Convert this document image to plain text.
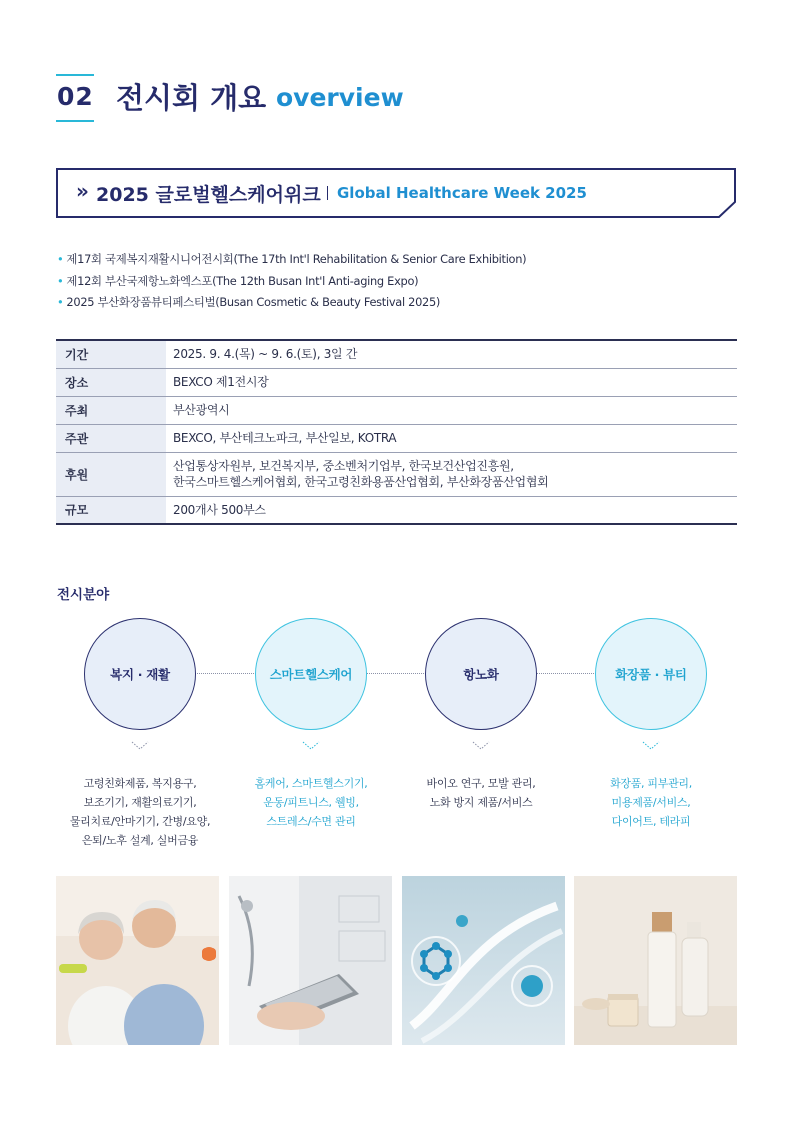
02 전시회 개요 overview
» 2025 글로벌헬스케어위크 Global Healthcare Week 2025
• 제17회 국제복지재활시니어전시회(The 17th Int'l Rehabilitation & Senior Care Exhibition)
• 제12회 부산국제항노화엑스포(The 12th Busan Int'l Anti-aging Expo)
• 2025 부산화장품뷰티페스티벌(Busan Cosmetic & Beauty Festival 2025)
기간	2025. 9. 4.(목) ~ 9. 6.(토), 3일 간
장소	BEXCO 제1전시장
주최	부산광역시
주관	BEXCO, 부산테크노파크, 부산일보, KOTRA
후원	산업통상자원부, 보건복지부, 중소벤처기업부, 한국보건산업진흥원,
한국스마트헬스케어협회, 한국고령친화용품산업협회, 부산화장품산업협회

규모	200개사 500부스
전시분야
복지 · 재활	스마트헬스케어	항노화	화장품 · 뷰티
고령친화제품, 복지용구,
보조기기, 재활의료기기,
물리치료/안마기기, 간병/요양,
은퇴/노후 설계, 실버금융
홈케어, 스마트헬스기기,
운동/피트니스, 웰빙,
스트레스/수면 관리
바이오 연구, 모발 관리,
노화 방지 제품/서비스
화장품, 피부관리,
미용제품/서비스,
다이어트, 테라피
